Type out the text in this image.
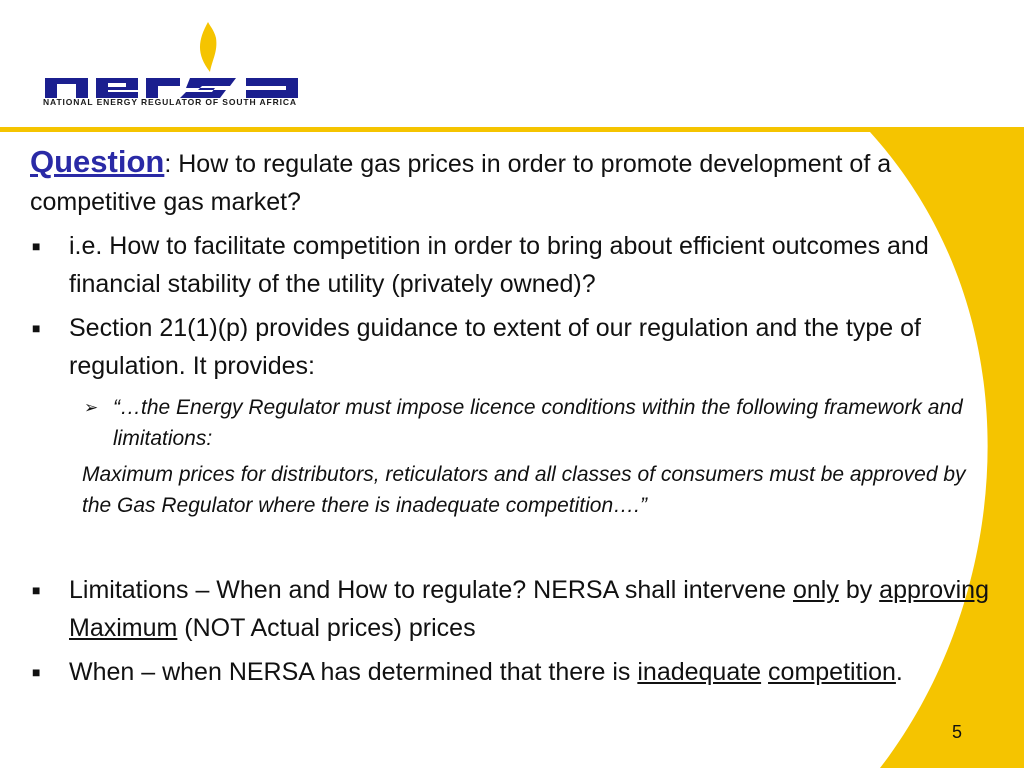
NATIONAL ENERGY REGULATOR OF SOUTH AFRICA

Question: How to regulate gas prices in order to promote development of a competitive gas market?

■ i.e. How to facilitate competition in order to bring about efficient outcomes and financial stability of the utility (privately owned)?
■ Section 21(1)(p) provides guidance to extent of our regulation and the type of regulation. It provides:
➢ “…the Energy Regulator must impose licence conditions within the following framework and limitations:
Maximum prices for distributors, reticulators and all classes of consumers must be approved by the Gas Regulator where there is inadequate competition….”
■ Limitations – When and How to regulate? NERSA shall intervene only by approving Maximum (NOT Actual prices) prices
■ When – when NERSA has determined that there is inadequate competition.
5
